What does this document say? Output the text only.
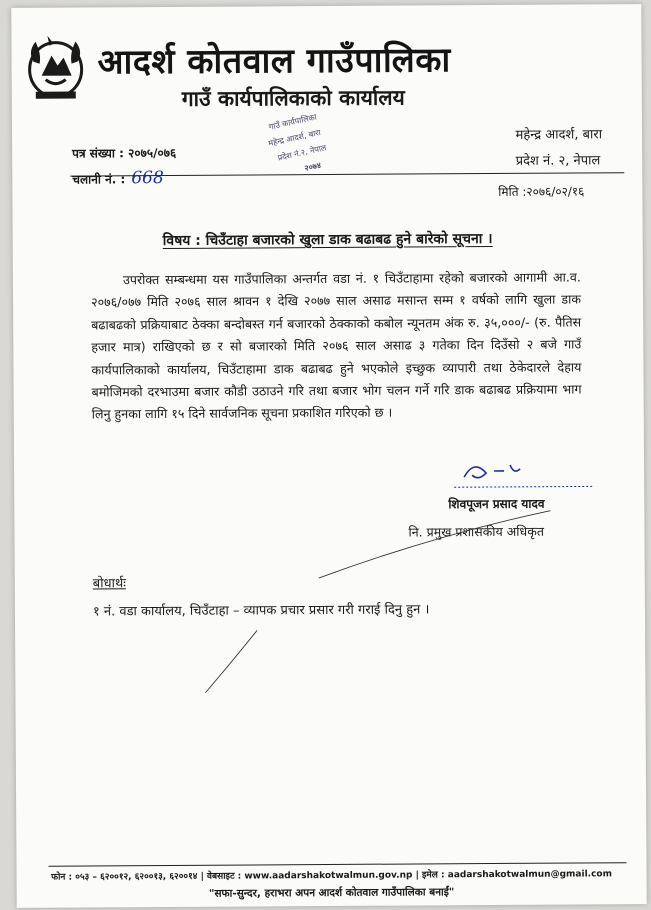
आदर्श कोतवाल गाउँपालिका
गाउँ कार्यपालिकाको कार्यालय
गाउँ कार्यपालिका
महेन्द्र आदर्श, बारा
प्रदेश नं.२, नेपाल
२०७४
पत्र संख्या : २०७५/०७६
चलानी नं. : 668
महेन्द्र आदर्श, बारा
प्रदेश नं. २, नेपाल
मिति :२०७६/०२/१६
विषय : चिउँटाहा बजारको खुला डाक बढाबढ हुने बारेको सूचना ।

उपरोक्त सम्बन्धमा यस गाउँपालिका अन्तर्गत वडा नं. १ चिउँटाहामा रहेको बजारको आगामी आ.व. २०७६/०७७ मिति २०७६ साल श्रावन १ देखि २०७७ साल असाढ मसान्त सम्म १ वर्षको लागि खुला डाक बढाबढको प्रक्रियाबाट ठेक्का बन्दोबस्त गर्न बजारको ठेक्काको कबोल न्यूनतम अंक रु. ३५,०००/- (रु. पैतिस हजार मात्र) राखिएको छ र सो बजारको मिति २०७६ साल असाढ ३ गतेका दिन दिउँसो २ बजे गाउँ कार्यपालिकाको कार्यालय, चिउँटाहामा डाक बढाबढ हुने भएकोले इच्छुक व्यापारी तथा ठेकेदारले देहाय बमोजिमको दरभाउमा बजार कौडी उठाउने गरि तथा बजार भोग चलन गर्ने गरि डाक बढाबढ प्रक्रियामा भाग लिनु हुनका लागि १५ दिने सार्वजनिक सूचना प्रकाशित गरिएको छ ।

शिवपूजन प्रसाद यादव
नि. प्रमुख प्रशासकीय अधिकृत
बोधार्थः
१ नं. वडा कार्यालय, चिउँटाहा – व्यापक प्रचार प्रसार गरी गराई दिनु हुन ।
फोन : ०५३ – ६२००१२, ६२००१३, ६२००१४ | वेबसाइट : www.aadarshakotwalmun.gov.np | इमेल : aadarshakotwalmun@gmail.com
"सफा-सुन्दर, हराभरा अपन आदर्श कोतवाल गाउँपालिका बनाईं"
